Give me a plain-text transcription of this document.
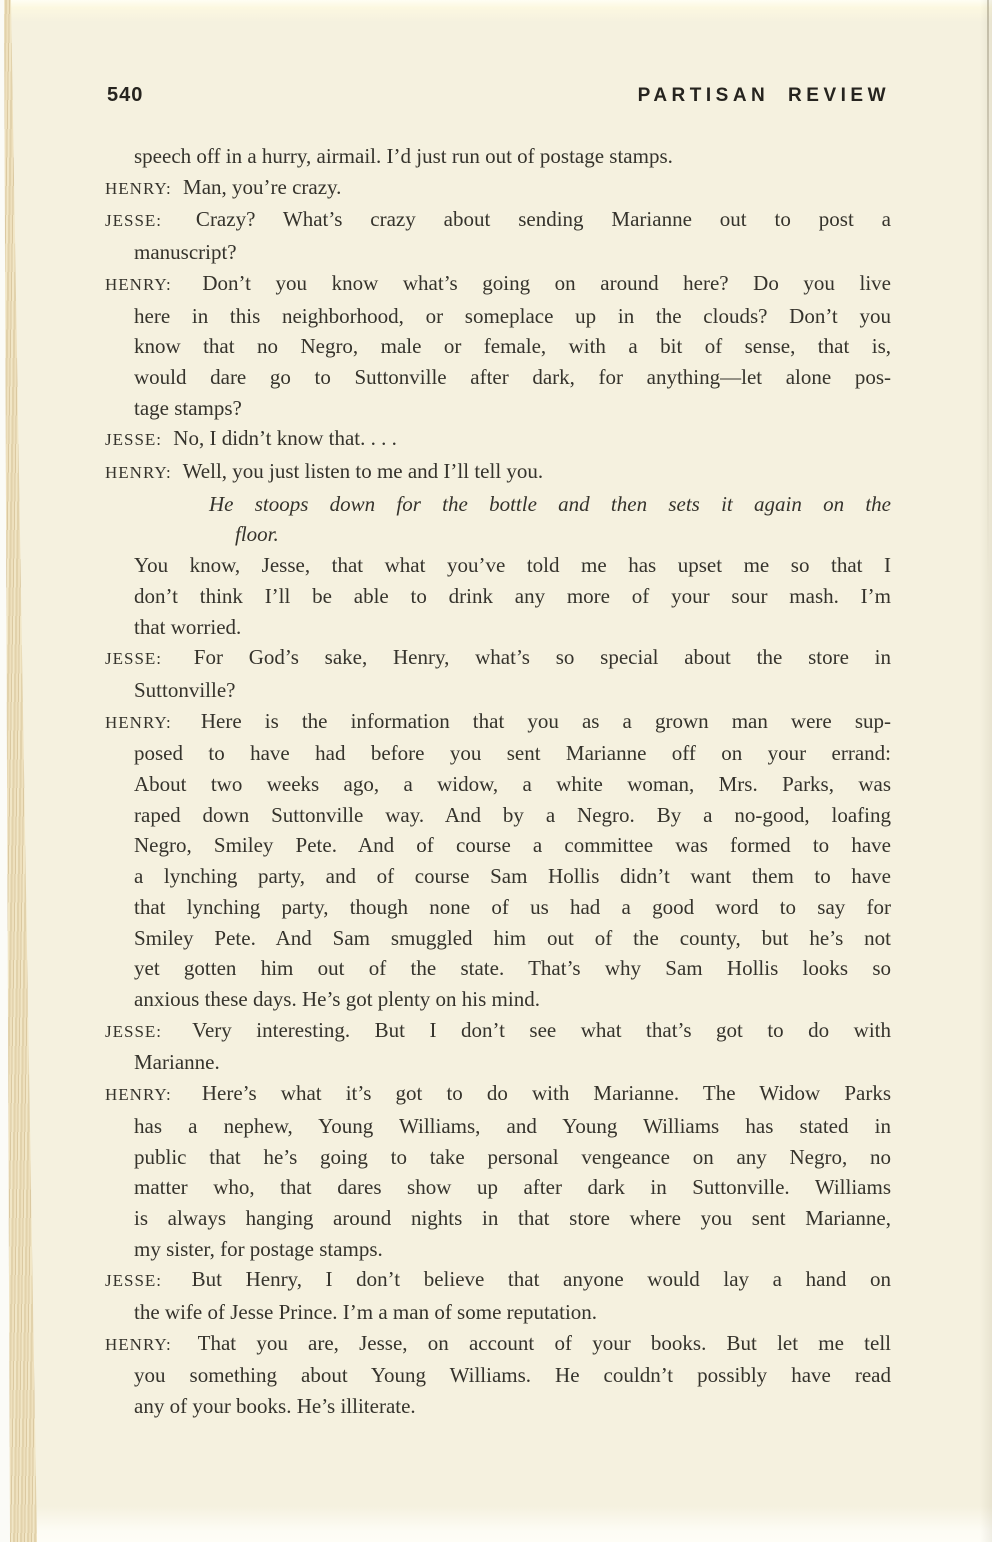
540	PARTISAN REVIEW
speech off in a hurry, airmail. I’d just run out of postage stamps.
HENRY: Man, you’re crazy.
JESSE: Crazy? What’s crazy about sending Marianne out to post a
manuscript?
HENRY: Don’t you know what’s going on around here? Do you live
here in this neighborhood, or someplace up in the clouds? Don’t you
know that no Negro, male or female, with a bit of sense, that is,
would dare go to Suttonville after dark, for anything—let alone pos-
tage stamps?
JESSE: No, I didn’t know that. . . .
HENRY: Well, you just listen to me and I’ll tell you.
He stoops down for the bottle and then sets it again on the
floor.
You know, Jesse, that what you’ve told me has upset me so that I
don’t think I’ll be able to drink any more of your sour mash. I’m
that worried.
JESSE: For God’s sake, Henry, what’s so special about the store in
Suttonville?
HENRY: Here is the information that you as a grown man were sup-
posed to have had before you sent Marianne off on your errand:
About two weeks ago, a widow, a white woman, Mrs. Parks, was
raped down Suttonville way. And by a Negro. By a no-good, loafing
Negro, Smiley Pete. And of course a committee was formed to have
a lynching party, and of course Sam Hollis didn’t want them to have
that lynching party, though none of us had a good word to say for
Smiley Pete. And Sam smuggled him out of the county, but he’s not
yet gotten him out of the state. That’s why Sam Hollis looks so
anxious these days. He’s got plenty on his mind.
JESSE: Very interesting. But I don’t see what that’s got to do with
Marianne.
HENRY: Here’s what it’s got to do with Marianne. The Widow Parks
has a nephew, Young Williams, and Young Williams has stated in
public that he’s going to take personal vengeance on any Negro, no
matter who, that dares show up after dark in Suttonville. Williams
is always hanging around nights in that store where you sent Marianne,
my sister, for postage stamps.
JESSE: But Henry, I don’t believe that anyone would lay a hand on
the wife of Jesse Prince. I’m a man of some reputation.
HENRY: That you are, Jesse, on account of your books. But let me tell
you something about Young Williams. He couldn’t possibly have read
any of your books. He’s illiterate.
